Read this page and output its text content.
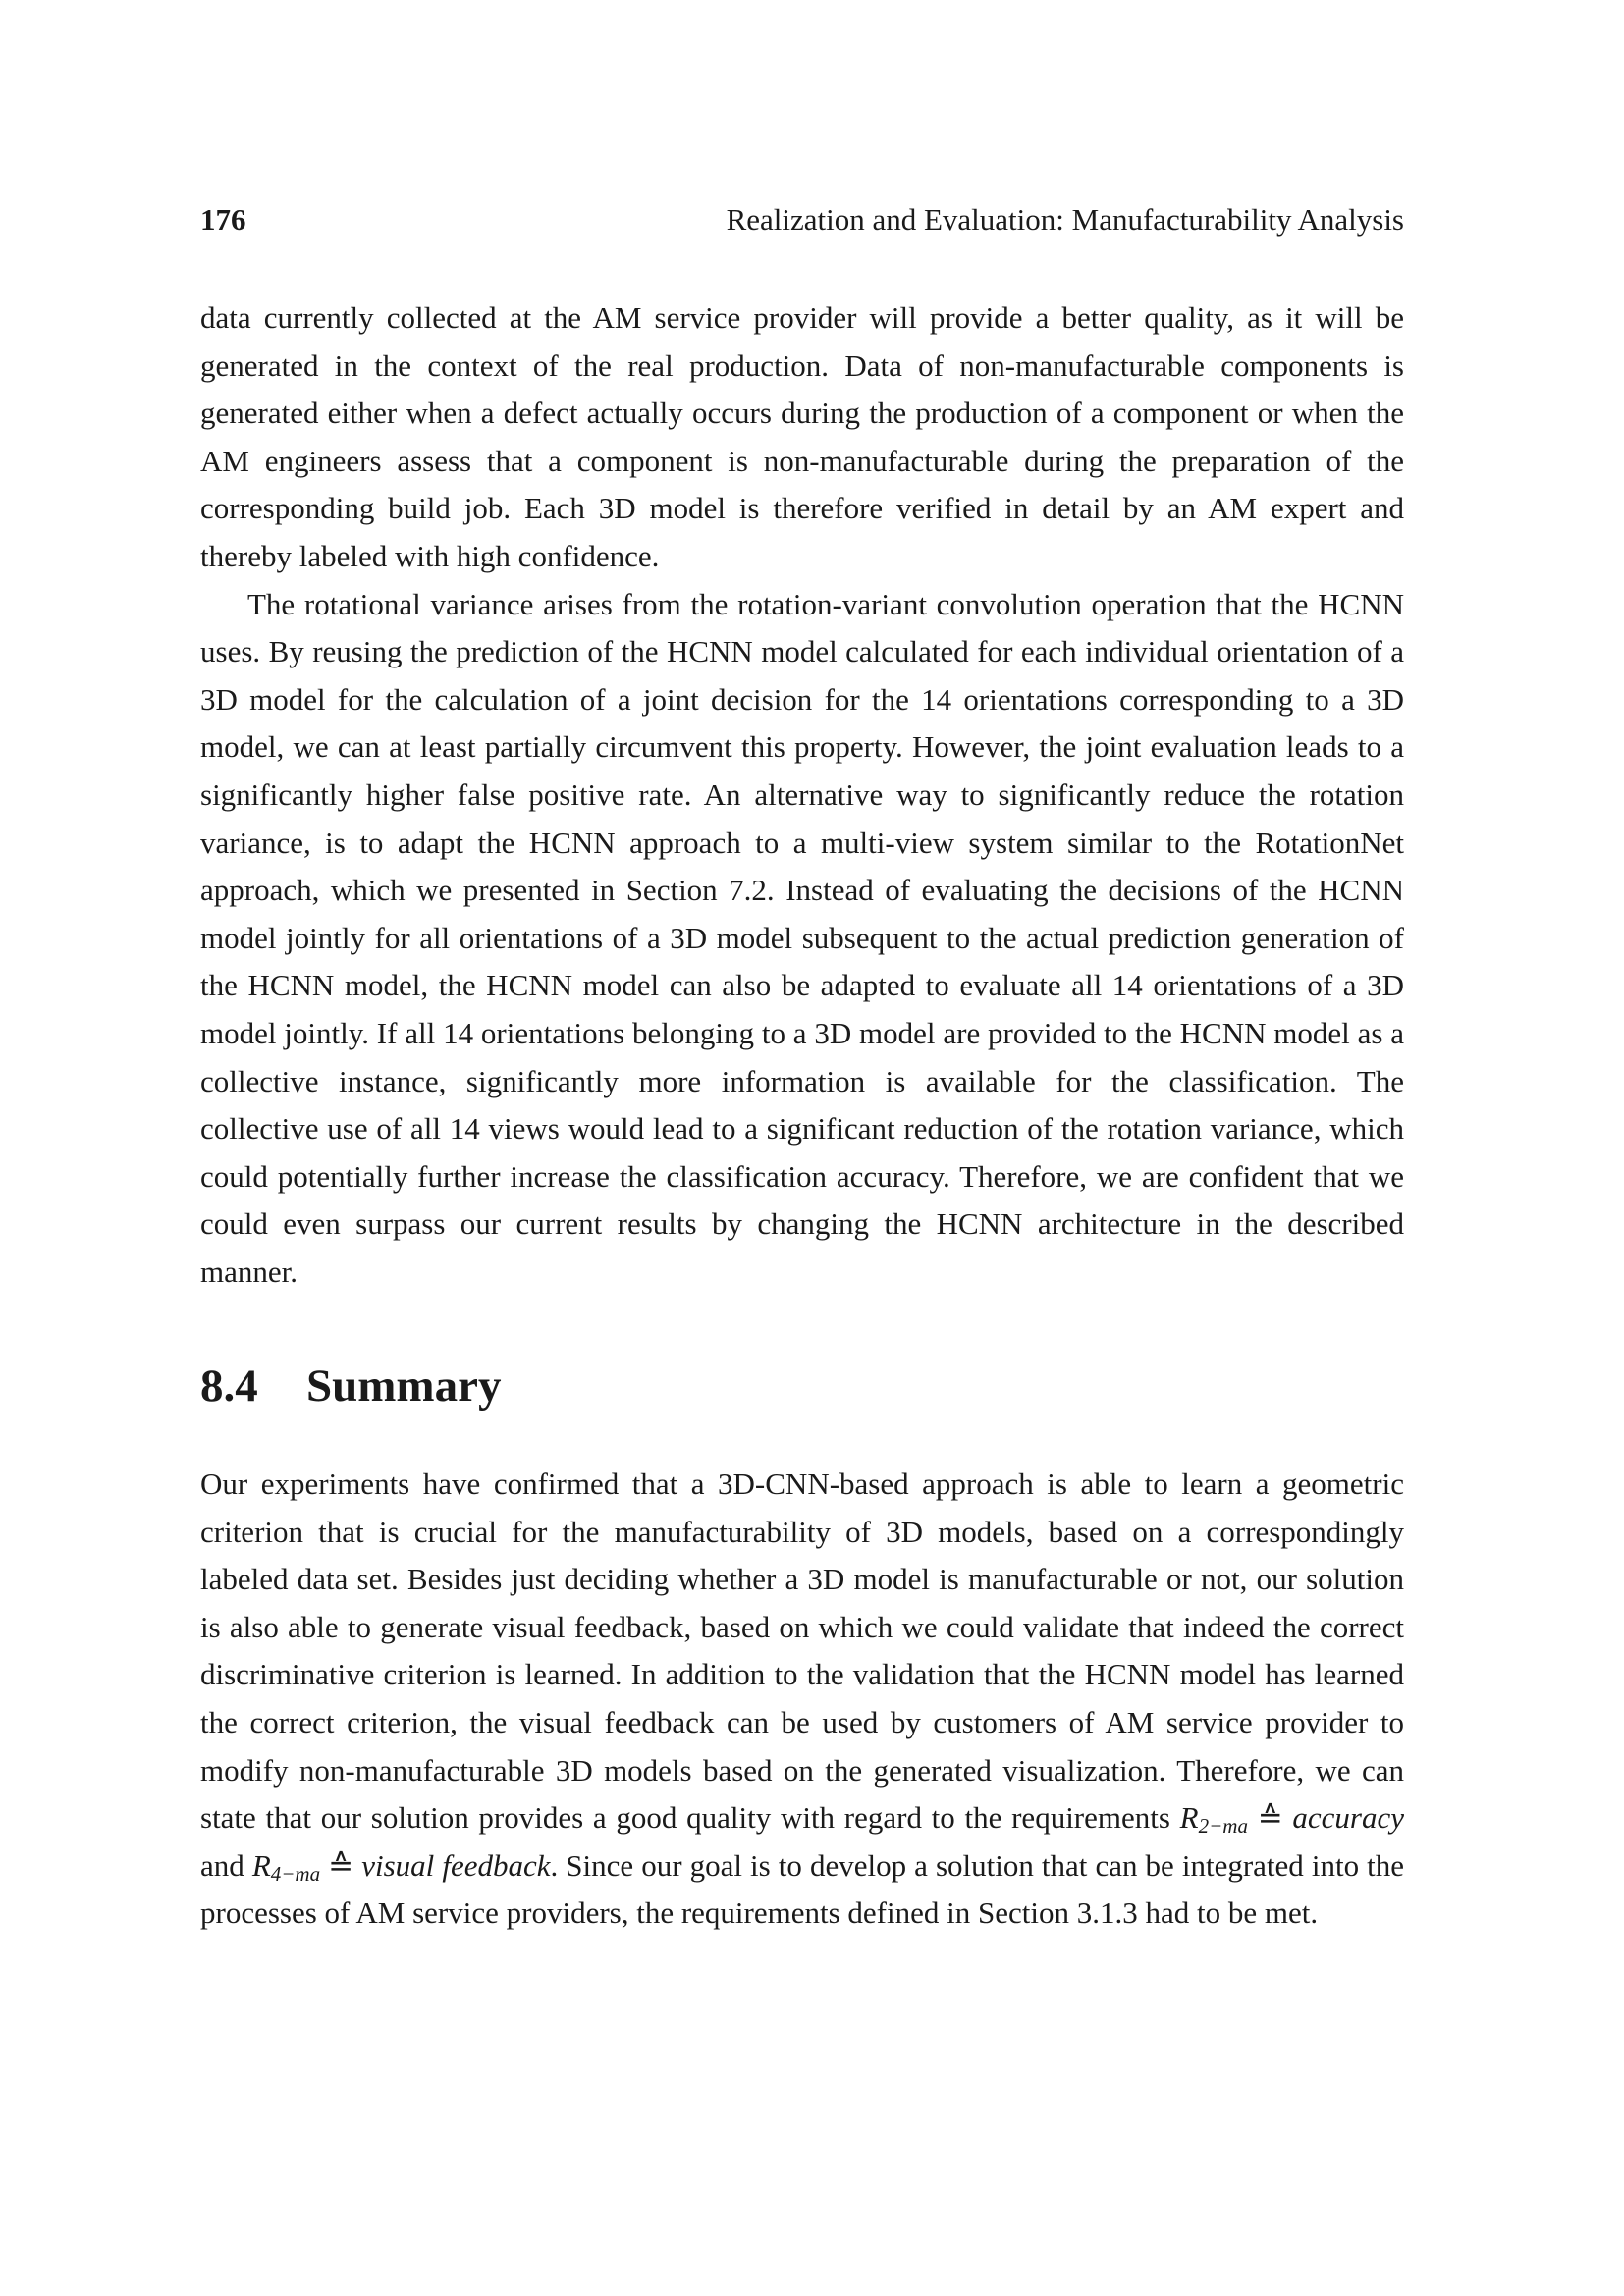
176	Realization and Evaluation: Manufacturability Analysis

data currently collected at the AM service provider will provide a better quality, as it will be generated in the context of the real production. Data of non-manufacturable components is generated either when a defect actually occurs during the production of a component or when the AM engineers assess that a component is non-manufacturable during the preparation of the corresponding build job. Each 3D model is therefore verified in detail by an AM expert and thereby labeled with high confidence.

The rotational variance arises from the rotation-variant convolution operation that the HCNN uses. By reusing the prediction of the HCNN model calculated for each individual orientation of a 3D model for the calculation of a joint decision for the 14 orientations corresponding to a 3D model, we can at least partially circumvent this property. However, the joint evaluation leads to a significantly higher false positive rate. An alternative way to significantly reduce the rotation variance, is to adapt the HCNN approach to a multi-view system similar to the RotationNet approach, which we presented in Section 7.2. Instead of evaluating the decisions of the HCNN model jointly for all orientations of a 3D model subsequent to the actual prediction generation of the HCNN model, the HCNN model can also be adapted to evaluate all 14 orientations of a 3D model jointly. If all 14 orientations belonging to a 3D model are provided to the HCNN model as a collective instance, significantly more information is available for the classification. The collective use of all 14 views would lead to a significant reduction of the rotation variance, which could potentially further increase the classification accuracy. Therefore, we are confident that we could even surpass our current results by changing the HCNN architecture in the described manner.

8.4 Summary

Our experiments have confirmed that a 3D-CNN-based approach is able to learn a geometric criterion that is crucial for the manufacturability of 3D models, based on a correspondingly labeled data set. Besides just deciding whether a 3D model is manufacturable or not, our solution is also able to generate visual feedback, based on which we could validate that indeed the correct discriminative criterion is learned. In addition to the validation that the HCNN model has learned the correct criterion, the visual feedback can be used by customers of AM service provider to modify non-manufacturable 3D models based on the generated visualization. Therefore, we can state that our solution provides a good quality with regard to the requirements $R_{2-ma}$ ≙ accuracy and $R_{4-ma}$ ≙ visual feedback. Since our goal is to develop a solution that can be integrated into the processes of AM service providers, the requirements defined in Section 3.1.3 had to be met.
